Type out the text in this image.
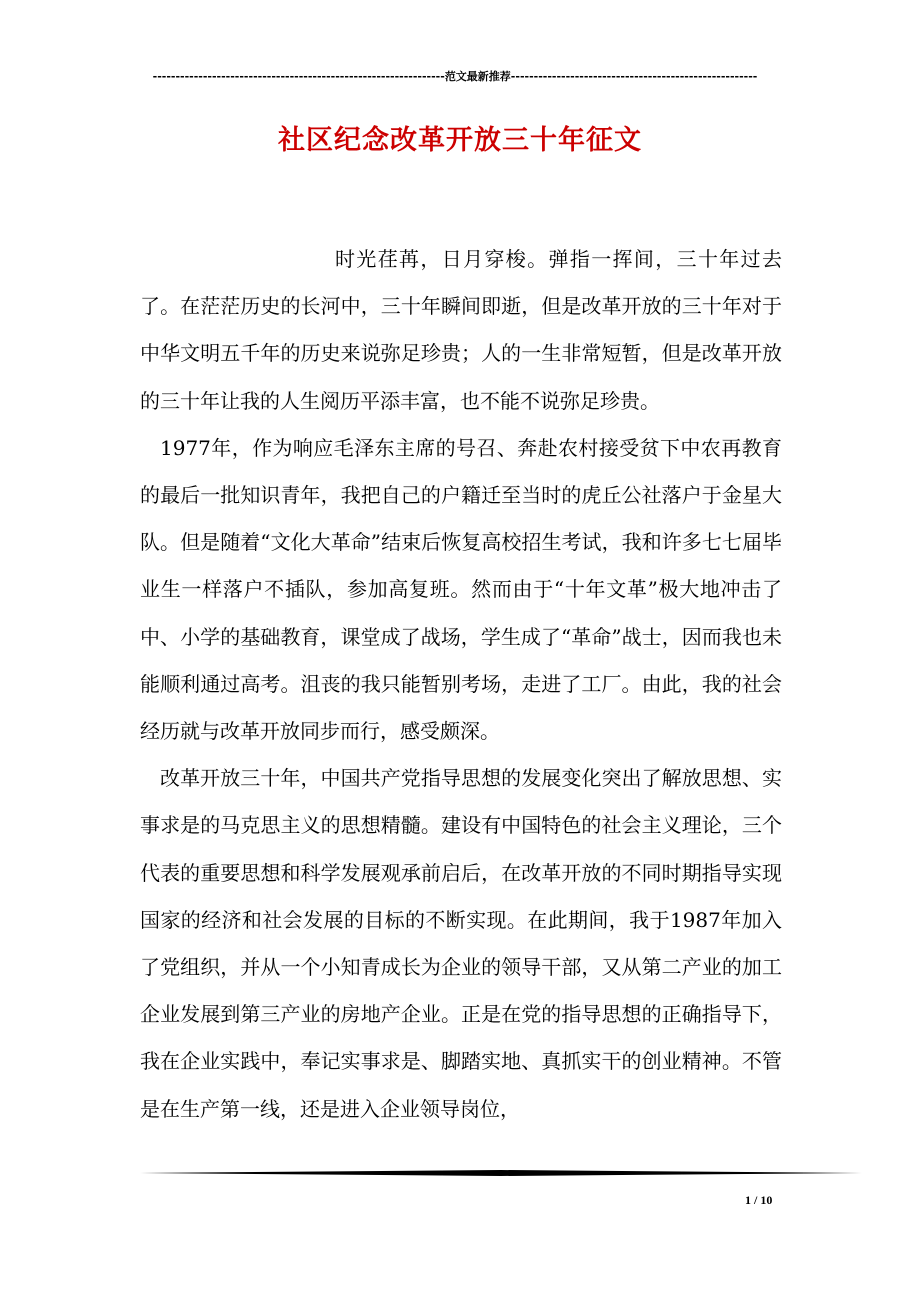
----------------------------------------------------------------范文最新推荐------------------------------------------------------
社区纪念改革开放三十年征文

时光荏苒，日月穿梭。弹指一挥间，三十年过去了。在茫茫历史的长河中，三十年瞬间即逝，但是改革开放的三十年对于中华文明五千年的历史来说弥足珍贵；人的一生非常短暂，但是改革开放的三十年让我的人生阅历平添丰富，也不能不说弥足珍贵。

1977年，作为响应毛泽东主席的号召、奔赴农村接受贫下中农再教育的最后一批知识青年，我把自己的户籍迁至当时的虎丘公社落户于金星大队。但是随着“文化大革命”结束后恢复高校招生考试，我和许多七七届毕业生一样落户不插队，参加高复班。然而由于“十年文革”极大地冲击了中、小学的基础教育，课堂成了战场，学生成了“革命”战士，因而我也未能顺利通过高考。沮丧的我只能暂别考场，走进了工厂。由此，我的社会经历就与改革开放同步而行，感受颇深。

改革开放三十年，中国共产党指导思想的发展变化突出了解放思想、实事求是的马克思主义的思想精髓。建设有中国特色的社会主义理论，三个代表的重要思想和科学发展观承前启后，在改革开放的不同时期指导实现国家的经济和社会发展的目标的不断实现。在此期间，我于1987年加入了党组织，并从一个小知青成长为企业的领导干部，又从第二产业的加工企业发展到第三产业的房地产企业。正是在党的指导思想的正确指导下，我在企业实践中，奉记实事求是、脚踏实地、真抓实干的创业精神。不管是在生产第一线，还是进入企业领导岗位，

1 / 10
